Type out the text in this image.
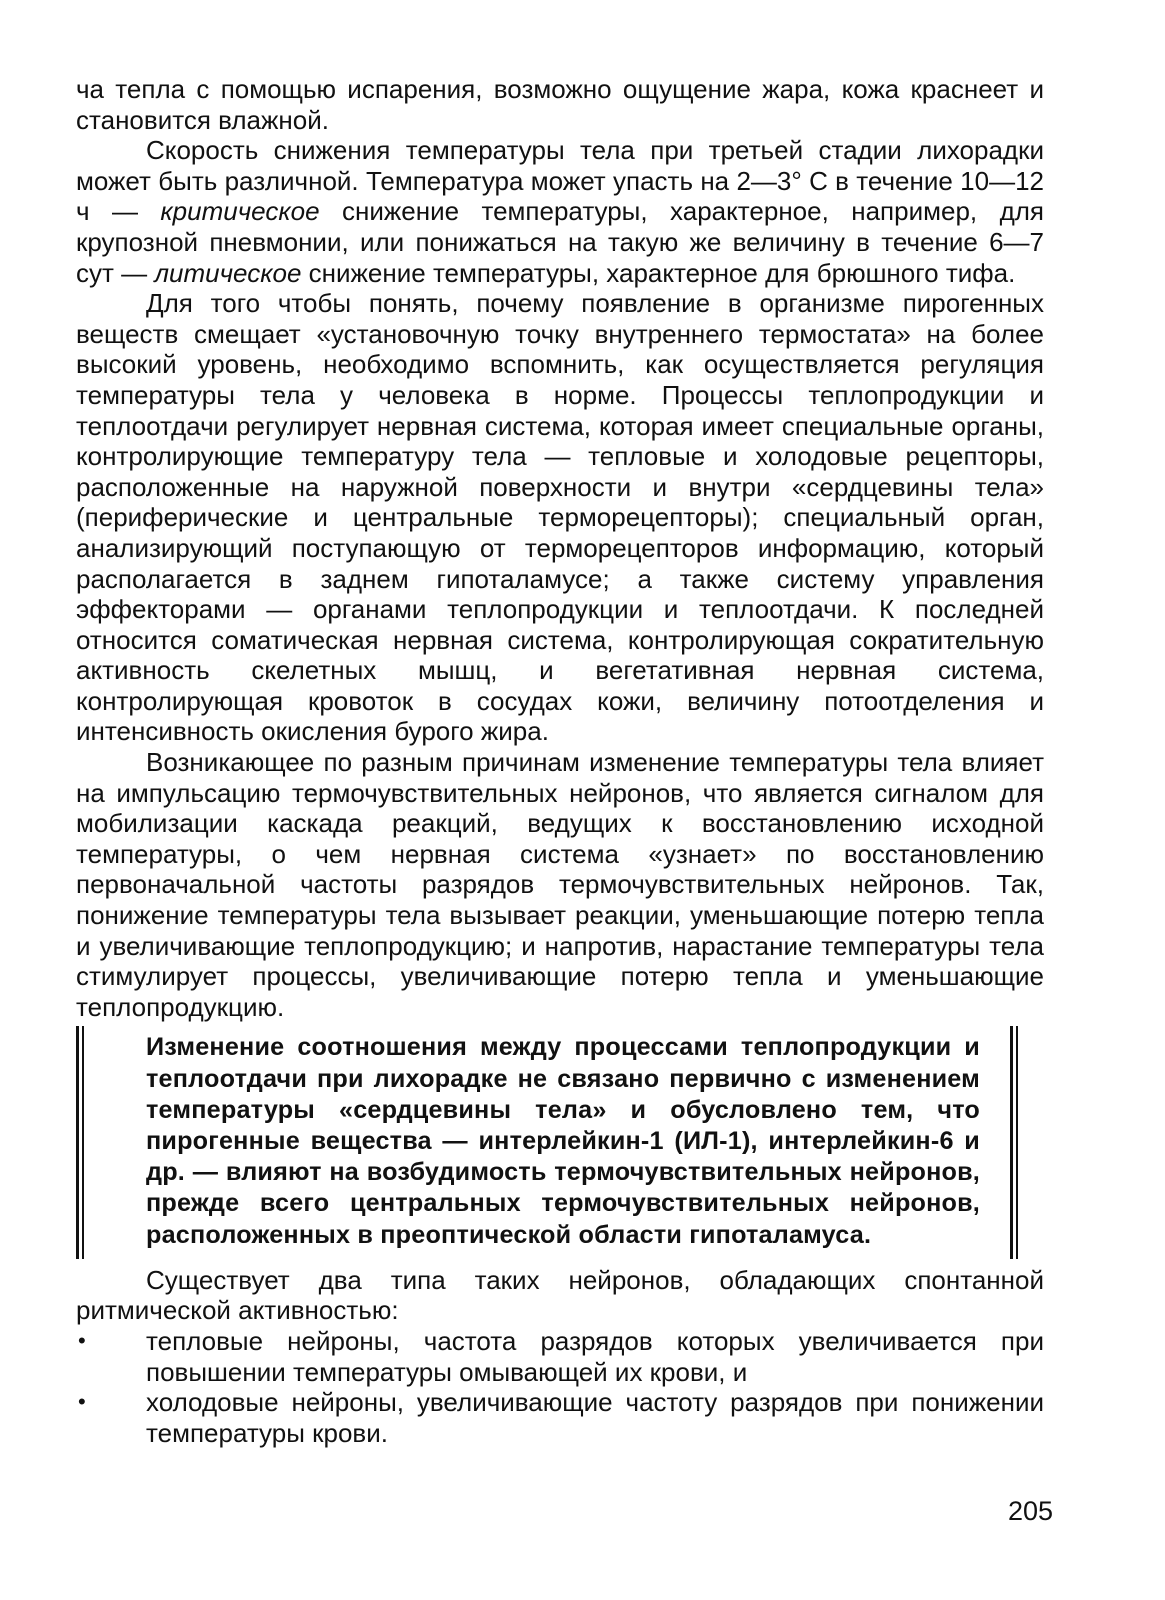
ча тепла с помощью испарения, возможно ощущение жара, кожа краснеет и становится влажной.

Скорость снижения температуры тела при третьей стадии лихорадки может быть различной. Температура может упасть на 2—3° С в течение 10—12 ч — критическое снижение температуры, характерное, например, для крупозной пневмонии, или понижаться на такую же величину в течение 6—7 сут — литическое снижение температуры, характерное для брюшного тифа.

Для того чтобы понять, почему появление в организме пирогенных веществ смещает «установочную точку внутреннего термостата» на более высокий уровень, необходимо вспомнить, как осуществляется регуляция температуры тела у человека в норме. Процессы теплопродукции и теплоотдачи регулирует нервная система, которая имеет специальные органы, контролирующие температуру тела — тепловые и холодовые рецепторы, расположенные на наружной поверхности и внутри «сердцевины тела» (периферические и центральные терморецепторы); специальный орган, анализирующий поступающую от терморецепторов информацию, который располагается в заднем гипоталамусе; а также систему управления эффекторами — органами теплопродукции и теплоотдачи. К последней относится соматическая нервная система, контролирующая сократительную активность скелетных мышц, и вегетативная нервная система, контролирующая кровоток в сосудах кожи, величину потоотделения и интенсивность окисления бурого жира.

Возникающее по разным причинам изменение температуры тела влияет на импульсацию термочувствительных нейронов, что является сигналом для мобилизации каскада реакций, ведущих к восстановлению исходной температуры, о чем нервная система «узнает» по восстановлению первоначальной частоты разрядов термочувствительных нейронов. Так, понижение температуры тела вызывает реакции, уменьшающие потерю тепла и увеличивающие теплопродукцию; и напротив, нарастание температуры тела стимулирует процессы, увеличивающие потерю тепла и уменьшающие теплопродукцию.

Изменение соотношения между процессами теплопродукции и теплоотдачи при лихорадке не связано первично с изменением температуры «сердцевины тела» и обусловлено тем, что пирогенные вещества — интерлейкин-1 (ИЛ-1), интерлейкин-6 и др. — влияют на возбудимость термочувствительных нейронов, прежде всего центральных термочувствительных нейронов, расположенных в преоптической области гипоталамуса.

Существует два типа таких нейронов, обладающих спонтанной ритмической активностью:

• тепловые нейроны, частота разрядов которых увеличивается при повышении температуры омывающей их крови, и
• холодовые нейроны, увеличивающие частоту разрядов при понижении температуры крови.
205
